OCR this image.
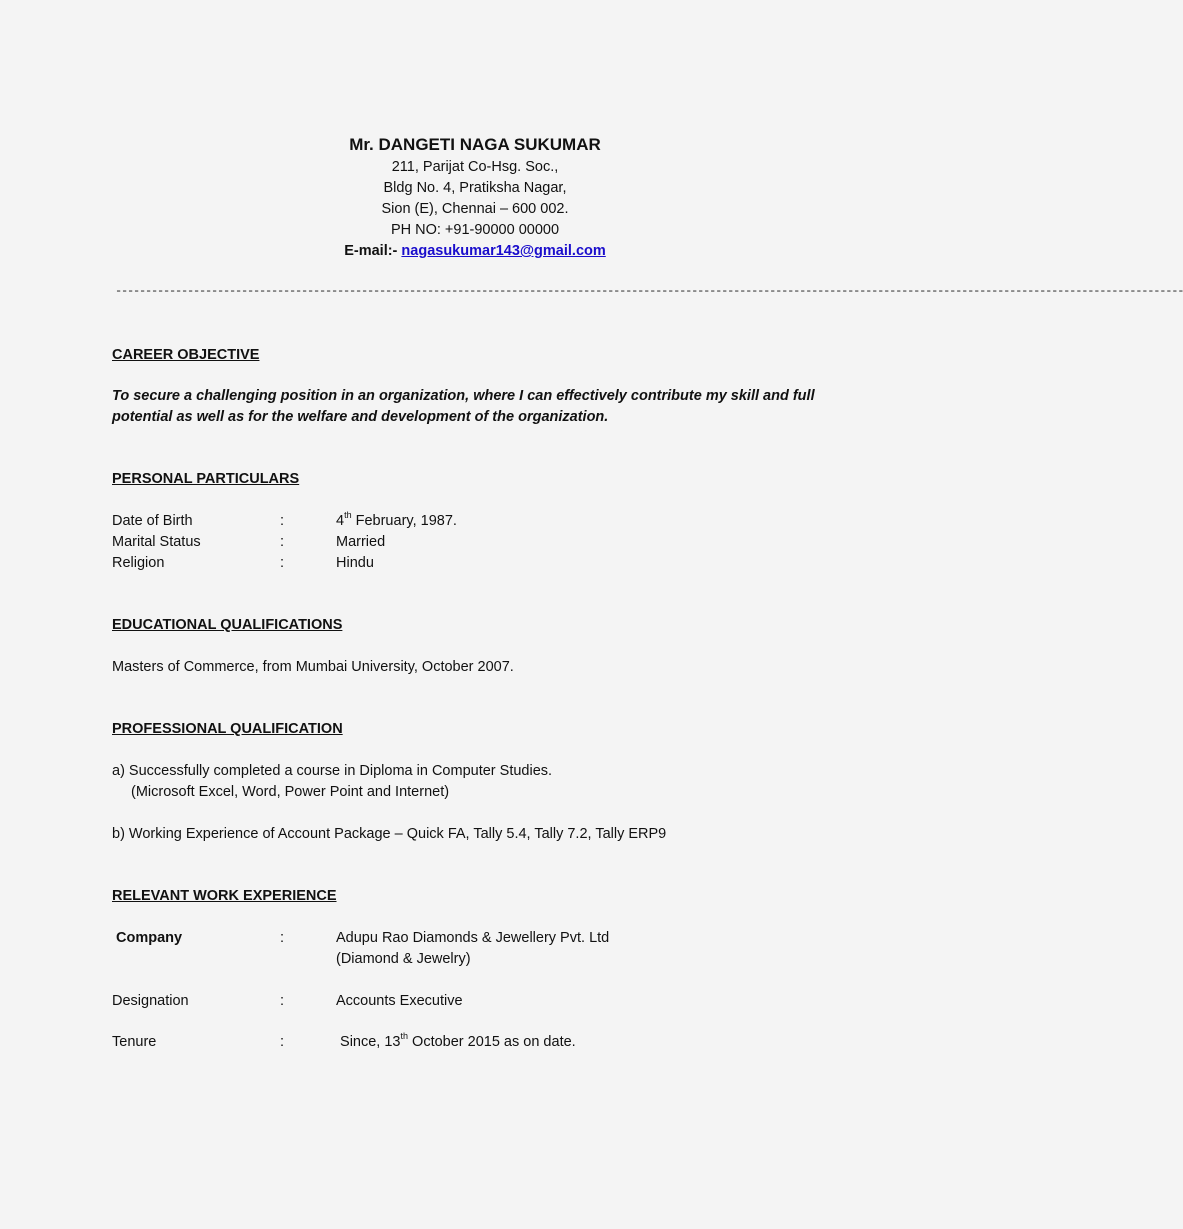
Mr. DANGETI NAGA SUKUMAR
211, Parijat Co-Hsg. Soc.,
Bldg No. 4, Pratiksha Nagar,
Sion (E), Chennai – 600 002.
PH NO: +91-90000 00000
E-mail:- nagasukumar143@gmail.com
----------------------------------------------------------------------------------------------------------------------------------------------------------------------------------
CAREER OBJECTIVE
To secure a challenging position in an organization, where I can effectively contribute my skill and full potential as well as for the welfare and development of the organization.
PERSONAL PARTICULARS
Date of Birth	:	4th February, 1987.
Marital Status	:	Married
Religion	:	Hindu
EDUCATIONAL QUALIFICATIONS
Masters of Commerce, from Mumbai University, October 2007.
PROFESSIONAL QUALIFICATION
a) Successfully completed a course in Diploma in Computer Studies.
(Microsoft Excel, Word, Power Point and Internet)
b) Working Experience of Account Package – Quick FA, Tally 5.4, Tally 7.2, Tally ERP9
RELEVANT WORK EXPERIENCE
Company	:	Adupu Rao Diamonds & Jewellery Pvt. Ltd
(Diamond & Jewelry)
Designation	:	Accounts Executive
Tenure	:	Since, 13th October 2015 as on date.
